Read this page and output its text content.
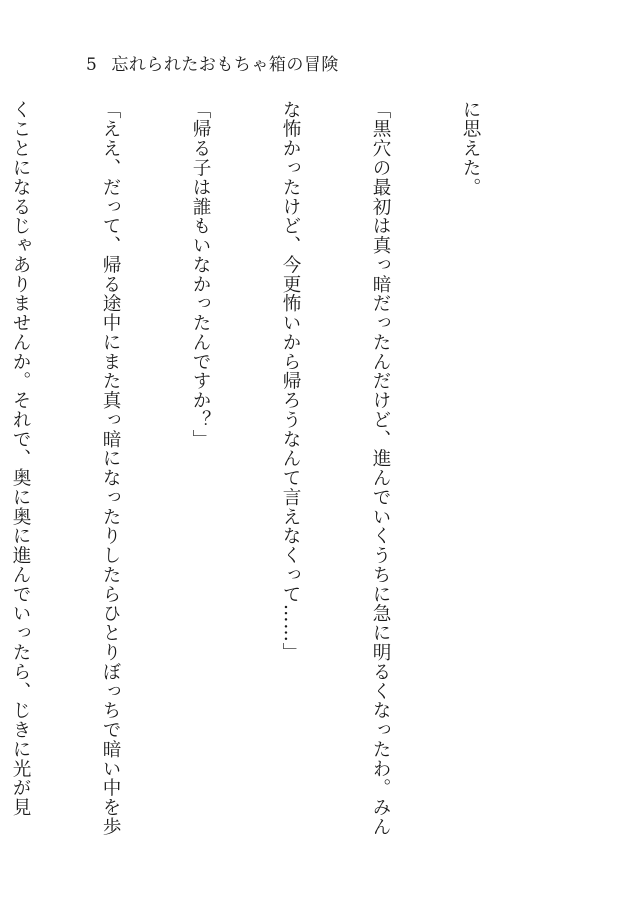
5 忘れられたおもちゃ箱の冒険

に思えた。

「黒穴の最初は真っ暗だったんだけど、進んでいくうちに急に明るくなったわ。みん

な怖かったけど、今更怖いから帰ろうなんて言えなくって……」

「帰る子は誰もいなかったんですか？」

「ええ、だって、帰る途中にまた真っ暗になったりしたらひとりぼっちで暗い中を歩

くことになるじゃありませんか。それで、奥に奥に進んでいったら、じきに光が見
